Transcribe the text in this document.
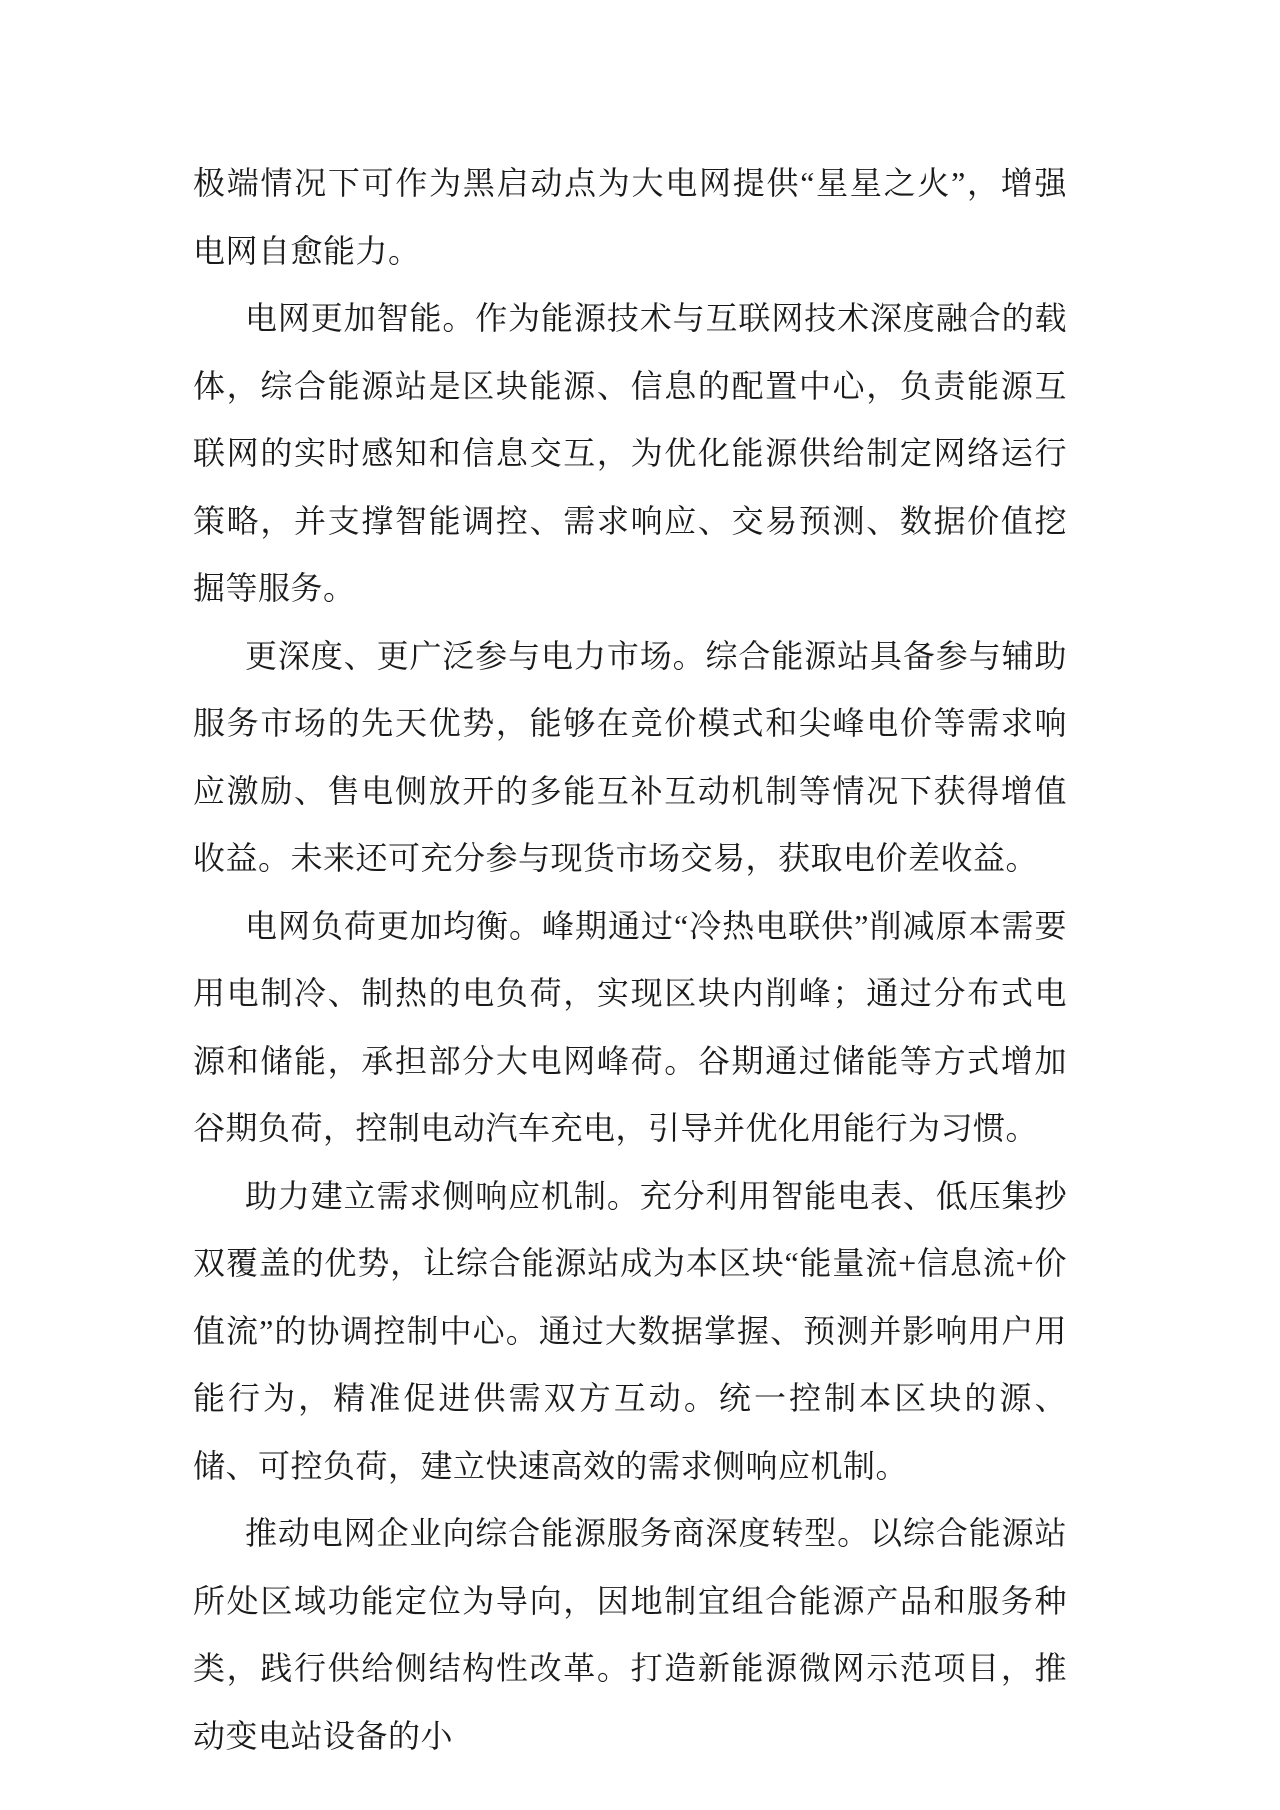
极端情况下可作为黑启动点为大电网提供“星星之火”，增强电网自愈能力。

电网更加智能。作为能源技术与互联网技术深度融合的载体，综合能源站是区块能源、信息的配置中心，负责能源互联网的实时感知和信息交互，为优化能源供给制定网络运行策略，并支撑智能调控、需求响应、交易预测、数据价值挖掘等服务。

更深度、更广泛参与电力市场。综合能源站具备参与辅助服务市场的先天优势，能够在竞价模式和尖峰电价等需求响应激励、售电侧放开的多能互补互动机制等情况下获得增值收益。未来还可充分参与现货市场交易，获取电价差收益。

电网负荷更加均衡。峰期通过“冷热电联供”削减原本需要用电制冷、制热的电负荷，实现区块内削峰；通过分布式电源和储能，承担部分大电网峰荷。谷期通过储能等方式增加谷期负荷，控制电动汽车充电，引导并优化用能行为习惯。

助力建立需求侧响应机制。充分利用智能电表、低压集抄双覆盖的优势，让综合能源站成为本区块“能量流+信息流+价值流”的协调控制中心。通过大数据掌握、预测并影响用户用能行为，精准促进供需双方互动。统一控制本区块的源、储、可控负荷，建立快速高效的需求侧响应机制。

推动电网企业向综合能源服务商深度转型。以综合能源站所处区域功能定位为导向，因地制宜组合能源产品和服务种类，践行供给侧结构性改革。打造新能源微网示范项目，推动变电站设备的小
